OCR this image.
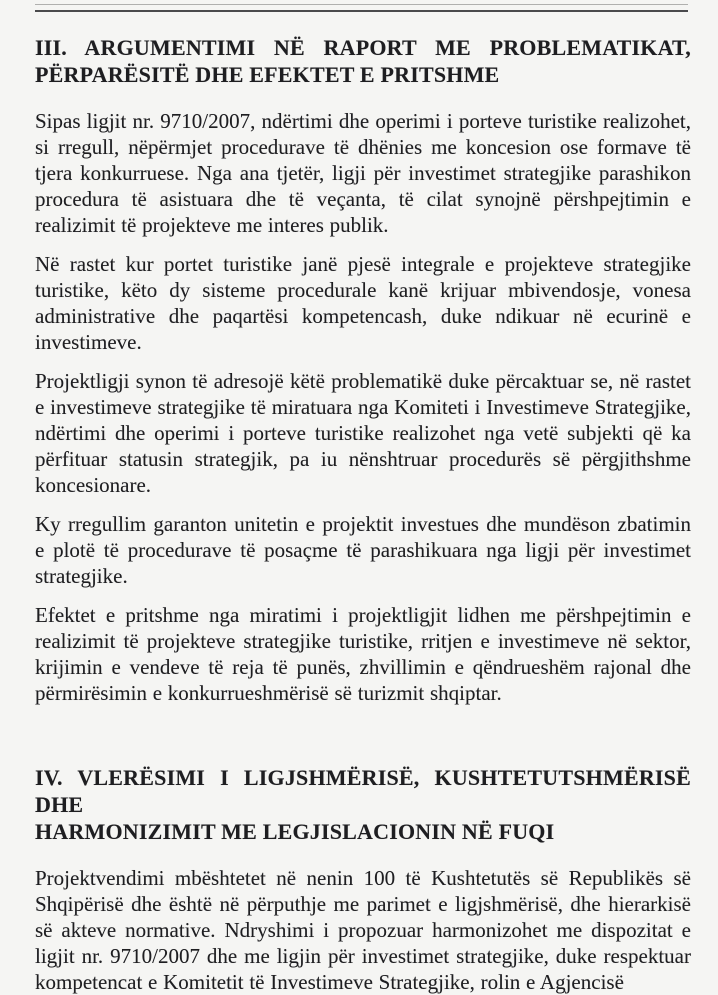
III. ARGUMENTIMI NË RAPORT ME PROBLEMATIKAT,
PËRPARËSITË DHE EFEKTET E PRITSHME

Sipas ligjit nr. 9710/2007, ndërtimi dhe operimi i porteve turistike realizohet, si rregull, nëpërmjet procedurave të dhënies me koncesion ose formave të tjera konkurruese. Nga ana tjetër, ligji për investimet strategjike parashikon procedura të asistuara dhe të veçanta, të cilat synojnë përshpejtimin e realizimit të projekteve me interes publik.

Në rastet kur portet turistike janë pjesë integrale e projekteve strategjike turistike, këto dy sisteme procedurale kanë krijuar mbivendosje, vonesa administrative dhe paqartësi kompetencash, duke ndikuar në ecurinë e investimeve.

Projektligji synon të adresojë këtë problematikë duke përcaktuar se, në rastet e investimeve strategjike të miratuara nga Komiteti i Investimeve Strategjike, ndërtimi dhe operimi i porteve turistike realizohet nga vetë subjekti që ka përfituar statusin strategjik, pa iu nënshtruar procedurës së përgjithshme koncesionare.

Ky rregullim garanton unitetin e projektit investues dhe mundëson zbatimin e plotë të procedurave të posaçme të parashikuara nga ligji për investimet strategjike.

Efektet e pritshme nga miratimi i projektligjit lidhen me përshpejtimin e realizimit të projekteve strategjike turistike, rritjen e investimeve në sektor, krijimin e vendeve të reja të punës, zhvillimin e qëndrueshëm rajonal dhe përmirësimin e konkurrueshmërisë së turizmit shqiptar.

IV. VLERËSIMI I LIGJSHMËRISË, KUSHTETUTSHMËRISË DHE
HARMONIZIMIT ME LEGJISLACIONIN NË FUQI

Projektvendimi mbështetet në nenin 100 të Kushtetutës së Republikës së Shqipërisë dhe është në përputhje me parimet e ligjshmërisë, dhe hierarkisë së akteve normative. Ndryshimi i propozuar harmonizohet me dispozitat e ligjit nr. 9710/2007 dhe me ligjin për investimet strategjike, duke respektuar kompetencat e Komitetit të Investimeve Strategjike, rolin e Agjencisë
